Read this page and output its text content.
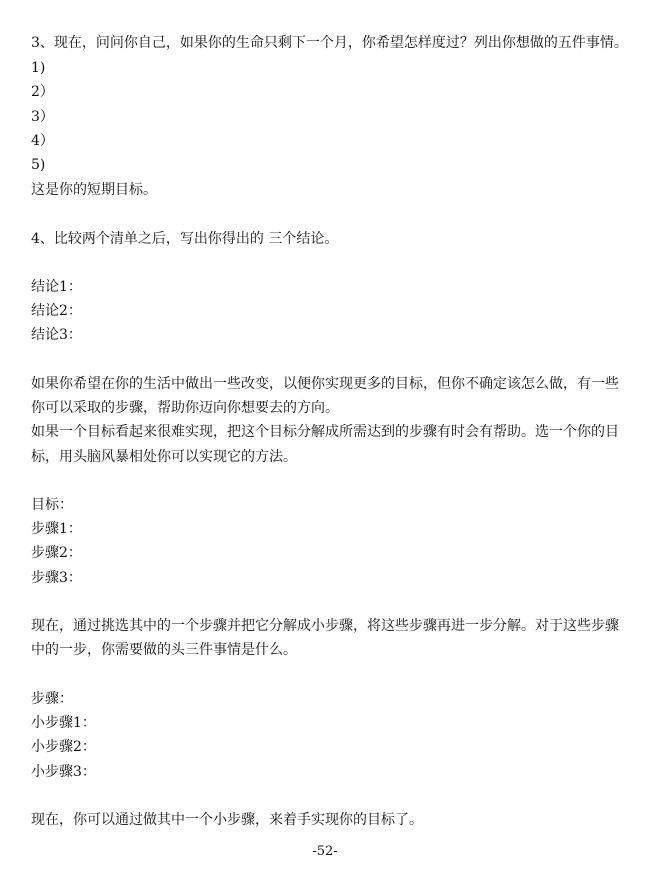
3、现在，问问你自己，如果你的生命只剩下一个月，你希望怎样度过？列出你想做的五件事情。
1)
2）
3）
4）
5)
这是你的短期目标。
4、比较两个清单之后，写出你得出的 三个结论。
结论1：
结论2：
结论3：
如果你希望在你的生活中做出一些改变，以便你实现更多的目标，但你不确定该怎么做，有一些
你可以采取的步骤，帮助你迈向你想要去的方向。
如果一个目标看起来很难实现，把这个目标分解成所需达到的步骤有时会有帮助。选一个你的目
标，用头脑风暴相处你可以实现它的方法。
目标：
步骤1：
步骤2：
步骤3：
现在，通过挑选其中的一个步骤并把它分解成小步骤，将这些步骤再进一步分解。对于这些步骤
中的一步，你需要做的头三件事情是什么。
步骤：
小步骤1：
小步骤2：
小步骤3：
现在，你可以通过做其中一个小步骤，来着手实现你的目标了。
-52-
